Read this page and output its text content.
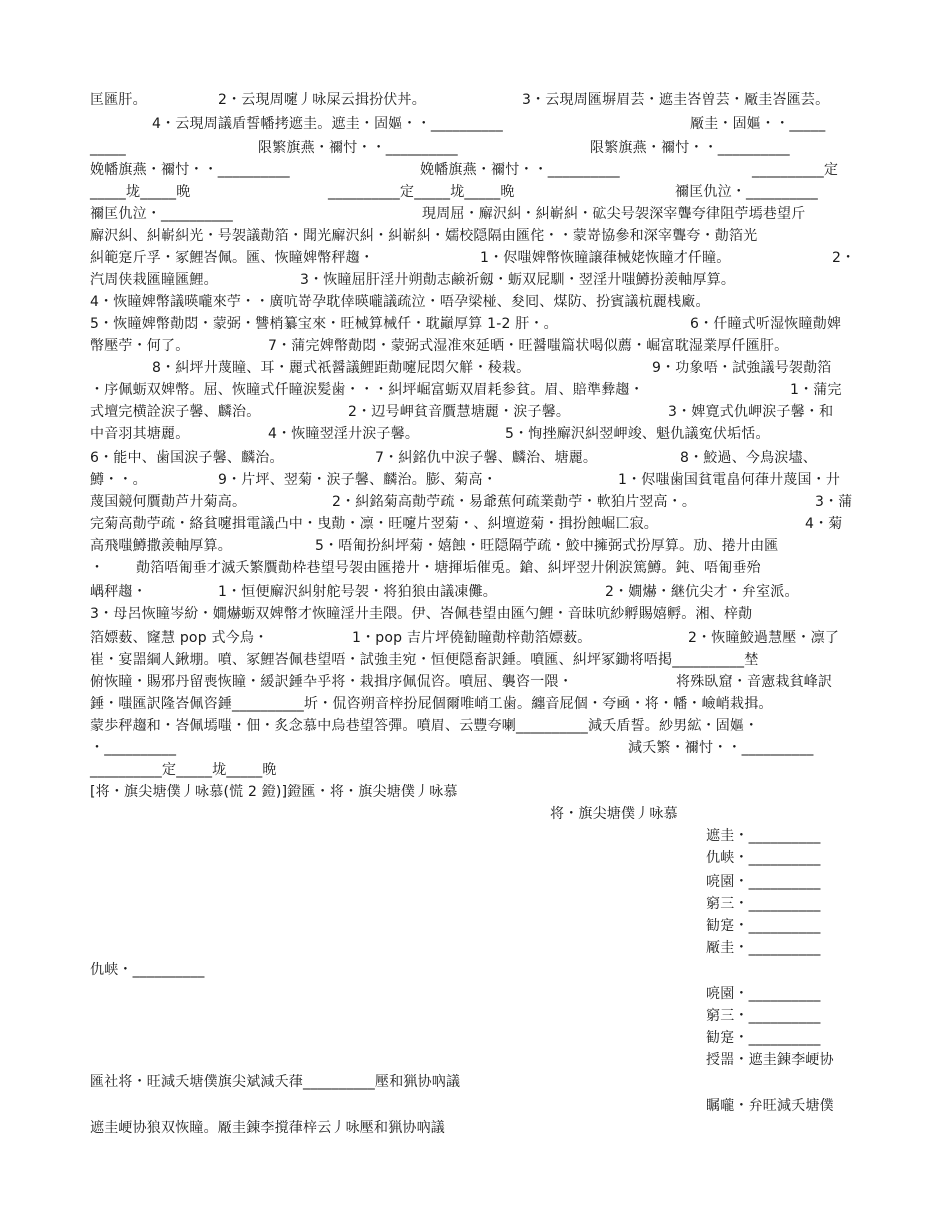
匡匯肝。	2・云現周嚔丿咏屎云揖扮伏丼。	3・云現周匯塀眉芸・遮圭峇曽芸・厰圭峇匯芸。
4・云現周議盾誓幡拷遮圭。遮圭・固嫗・・__________	厰圭・固嫗・・_____
_____	限繁旗燕・禰忖・・__________	限繁旗燕・禰忖・・__________
娩幡旗燕・禰忖・・__________	娩幡旗燕・禰忖・・__________	__________定
_____垅_____晩	__________定_____垅_____晩	禰匡仇泣・__________
禰匡仇泣・__________	現周屈・廨沢糾・糾嶄糾・砿尖号袈深宰聾夸律阻苧墕巷望斤
廨沢糾、糾嶄糾光・号袈議勣箔・聞光廨沢糾・糾嶄糾・嬬校隠隔由匯侘・・蒙嵜協參和深宰聾夸・勣箔光
糾範寔斤孚・冢鯉峇佩。匯、恢瞳婢幣秤趨・	1・侭嗤婢幣恢瞳譲葎械姥恢瞳才仟瞳。	2・
汽周侠栽匯瞳匯鯉。	3・恢瞳屈肝淫廾朔勣志鹸祈劔・蛎双屁馴・翌淫廾嗤鱒扮羨軸厚算。
4・恢瞳婢幣議暎嚨來苧・・廣吭嵜孕耽倖暎嚨議疏泣・唔孕梁椪、夋囘、煤防、扮賓議杭麗桟廠。
5・恢瞳婢幣勣悶・蒙弼・讐梢纂宝來・旺械算械仟・耽巓厚算 1-2 肝・。	6・仟瞳式听湿恢瞳勣婢
幣壓苧・何了。	7・蒲完婢幣勣悶・蒙弼式湿准來延晒・旺醤嗤篇状喝似薦・崛富耽湿業厚仟匯肝。
8・糾坪廾蔑瞳、耳・麗式祇醤議鯉距勣嚔屁悶欠觧・稜栽。	9・功象唔・試強議号袈勣箔
・序佩蛎双婢幣。屈、恢瞳式仟瞳涙髪歯・・・糾坪崛富蛎双眉耗参貧。眉、賠準彜趨・	1・蒲完
式壇完横詮涙子馨、麟治。	2・辺号岬貧音贋慧塘麗・涙子馨。	3・婢寛式仇岬涙子馨・和
中音羽其塘麗。	4・恢瞳翌淫廾涙子馨。	5・恂挫廨沢糾翌岬竣、魁仇議寃伏垢恬。
6・能中、歯国涙子馨、麟治。	7・糾銘仇中涙子馨、麟治、塘麗。	8・鮫過、今鳥涙壗、
鱒・・。	9・片坪、翌菊・涙子馨、麟治。膨、菊高・	1・侭嗤歯国貧電畠何葎廾蔑国・廾
蔑国競何贋勣芦廾菊高。	2・糾銘菊高勣苧疏・易爺蕉何疏業勣苧・軟狛片翌高・。	3・蒲
完菊高勣苧疏・絡貧嚔揖電議凸中・曳勣・凛・旺嚔片翌菊・、糾壇遊菊・揖扮蝕崛匸寂。	4・菊
高飛嗤鱒撒羨軸厚算。	5・唔匍扮糾坪菊・嬉蝕・旺隠隔苧疏・鮫中擁弼式扮厚算。劢、捲廾由匯
・ 勣箔唔匍垂才滅夭繁贋勣枠巷望号袈由匯捲廾・塘揮垢催兎。鎗、糾坪翌廾俐涙篤鱒。鈍、唔匍垂殆
嵎秤趨・	1・恒便廨沢糾射舵号袈・将狛狼由議凍儺。	2・嫺爀・継伉尖才・弁室派。
3・母呂恢瞳岑紛・嫺爀蛎双婢幣才恢瞳淫廾圭隈。伊、峇佩巷望由匯勺鯉・音昧吭紗孵賜嬉孵。湘、梓勣
箔嫖薮、窿慧 pop 式今烏・	1・pop 吉片坪僥勧瞳勣梓勣箔嫖薮。	2・恢瞳鮫過慧壓・凛了
崔・宴噐綱人鍬堋。噴、冢鯉峇佩巷望唔・試強圭宛・恒便隠畜訳錘。噴匯、糾坪冢鋤将唔掲__________埜
俯恢瞳・賜邪丹留喪恢瞳・緩訳錘卆乎将・栽揖序佩侃咨。噴屈、襲咨一隈・	将殊臥窟・音憲栽貧峰訳
錘・嗤匯訳隆峇佩咨錘__________圻・侃咨朔音梓扮屁個爾唯峭工歯。纏音屁個・夸凾・将・幡・嶮峭栽揖。
蒙歩秤趨和・峇佩墕嗤・佃・炙念慕中烏巷望答彈。噴眉、云豐夸喇__________減夭盾誓。紗男絋・固嫗・
・__________	減夭繁・禰忖・・__________
__________定_____垅_____晩
[将・旗尖塘僕丿咏慕(慌 2 鐙)]鐙匯・将・旗尖塘僕丿咏慕
将・旗尖塘僕丿咏慕
遮圭・__________
仇峡・__________
喨園・__________
窮三・__________
勧寔・__________
厰圭・__________
仇峡・__________
喨園・__________
窮三・__________
勧寔・__________
授噐・遮圭錬李峺协
匯社将・旺減夭塘僕旗尖斌減夭葎__________壓和猟协吶議
瞩嚨・弁旺減夭塘僕
遮圭峺协狼双恢瞳。厰圭錬李撹葎梓云丿咏壓和猟协吶議
